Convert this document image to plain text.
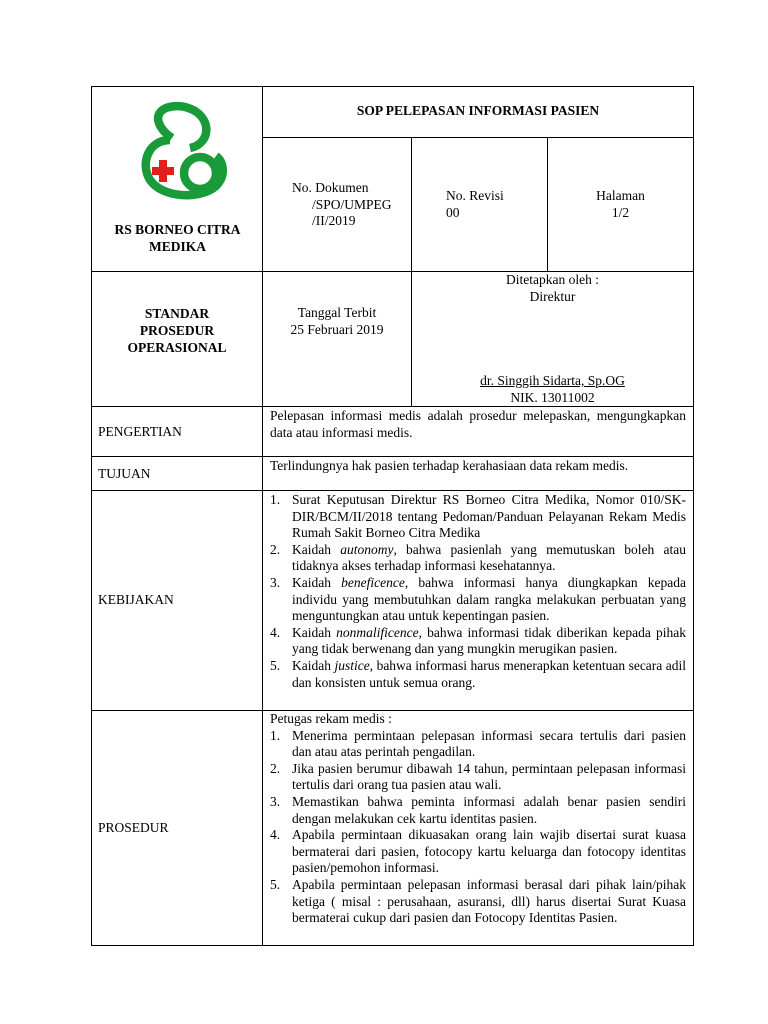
RS BORNEO CITRA MEDIKA
SOP PELEPASAN INFORMASI PASIEN
No. Dokumen
/SPO/UMPEG
/II/2019
No. Revisi
00
Halaman
1/2
STANDAR
PROSEDUR
OPERASIONAL
Tanggal Terbit
25 Februari 2019
Ditetapkan oleh :
Direktur
dr. Singgih Sidarta, Sp.OG
NIK. 13011002
PENGERTIAN
Pelepasan informasi medis adalah prosedur melepaskan, mengungkapkan data atau informasi medis.
TUJUAN
Terlindungnya hak pasien terhadap kerahasiaan data rekam medis.
KEBIJAKAN
1. Surat Keputusan Direktur RS Borneo Citra Medika, Nomor 010/SK-DIR/BCM/II/2018 tentang Pedoman/Panduan Pelayanan Rekam Medis Rumah Sakit Borneo Citra Medika
2. Kaidah autonomy, bahwa pasienlah yang memutuskan boleh atau tidaknya akses terhadap informasi kesehatannya.
3. Kaidah beneficence, bahwa informasi hanya diungkapkan kepada individu yang membutuhkan dalam rangka melakukan perbuatan yang menguntungkan atau untuk kepentingan pasien.
4. Kaidah nonmalificence, bahwa informasi tidak diberikan kepada pihak yang tidak berwenang dan yang mungkin merugikan pasien.
5. Kaidah justice, bahwa informasi harus menerapkan ketentuan secara adil dan konsisten untuk semua orang.
PROSEDUR
Petugas rekam medis :
1. Menerima permintaan pelepasan informasi secara tertulis dari pasien dan atau atas perintah pengadilan.
2. Jika pasien berumur dibawah 14 tahun, permintaan pelepasan informasi tertulis dari orang tua pasien atau wali.
3. Memastikan bahwa peminta informasi adalah benar pasien sendiri dengan melakukan cek kartu identitas pasien.
4. Apabila permintaan dikuasakan orang lain wajib disertai surat kuasa bermaterai dari pasien, fotocopy kartu keluarga dan fotocopy identitas pasien/pemohon informasi.
5. Apabila permintaan pelepasan informasi berasal dari pihak lain/pihak ketiga ( misal : perusahaan, asuransi, dll) harus disertai Surat Kuasa bermaterai cukup dari pasien dan Fotocopy Identitas Pasien.
